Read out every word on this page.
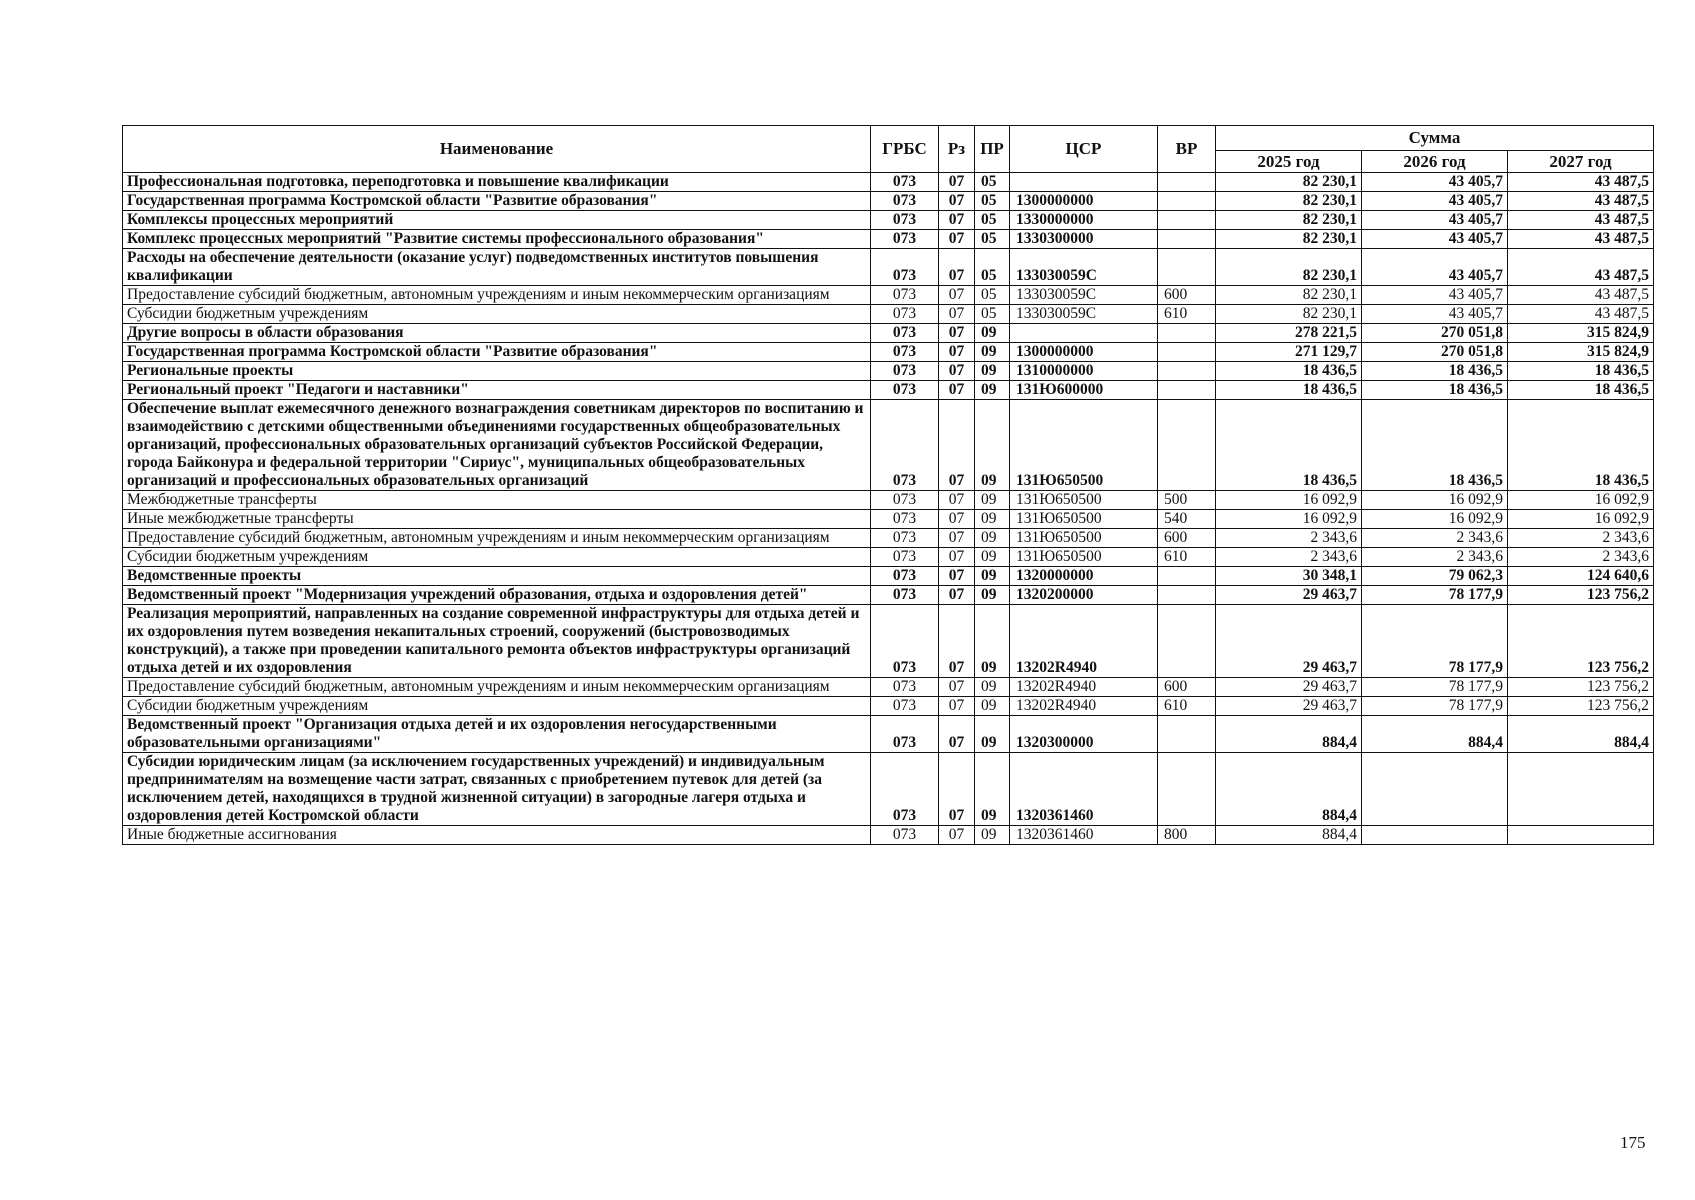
Наименование	ГРБС	Рз	ПР	ЦСР	ВР	Сумма		
						2025 год	2026 год	2027 год
Профессиональная подготовка, переподготовка и повышение квалификации	073	07	05			82 230,1	43 405,7	43 487,5
Государственная программа Костромской области "Развитие образования"	073	07	05	1300000000		82 230,1	43 405,7	43 487,5
Комплексы процессных мероприятий	073	07	05	1330000000		82 230,1	43 405,7	43 487,5
Комплекс процессных мероприятий "Развитие системы профессионального образования"	073	07	05	1330300000		82 230,1	43 405,7	43 487,5
Расходы на обеспечение деятельности (оказание услуг) подведомственных институтов повышения квалификации	073	07	05	133030059С		82 230,1	43 405,7	43 487,5
Предоставление субсидий бюджетным, автономным учреждениям и иным некоммерческим организациям	073	07	05	133030059С	600	82 230,1	43 405,7	43 487,5
Субсидии бюджетным учреждениям	073	07	05	133030059С	610	82 230,1	43 405,7	43 487,5
Другие вопросы в области образования	073	07	09			278 221,5	270 051,8	315 824,9
Государственная программа Костромской области "Развитие образования"	073	07	09	1300000000		271 129,7	270 051,8	315 824,9
Региональные проекты	073	07	09	1310000000		18 436,5	18 436,5	18 436,5
Региональный проект "Педагоги и наставники"	073	07	09	131Ю600000		18 436,5	18 436,5	18 436,5
Обеспечение выплат ежемесячного денежного вознаграждения советникам директоров по воспитанию и взаимодействию с детскими общественными объединениями государственных общеобразовательных организаций, профессиональных образовательных организаций субъектов Российской Федерации, города Байконура и федеральной территории "Сириус", муниципальных общеобразовательных организаций и профессиональных образовательных организаций	073	07	09	131Ю650500		18 436,5	18 436,5	18 436,5
Межбюджетные трансферты	073	07	09	131Ю650500	500	16 092,9	16 092,9	16 092,9
Иные межбюджетные трансферты	073	07	09	131Ю650500	540	16 092,9	16 092,9	16 092,9
Предоставление субсидий бюджетным, автономным учреждениям и иным некоммерческим организациям	073	07	09	131Ю650500	600	2 343,6	2 343,6	2 343,6
Субсидии бюджетным учреждениям	073	07	09	131Ю650500	610	2 343,6	2 343,6	2 343,6
Ведомственные проекты	073	07	09	1320000000		30 348,1	79 062,3	124 640,6
Ведомственный проект "Модернизация учреждений образования, отдыха и оздоровления детей"	073	07	09	1320200000		29 463,7	78 177,9	123 756,2
Реализация мероприятий, направленных на создание современной инфраструктуры для отдыха детей и их оздоровления путем возведения некапитальных строений, сооружений (быстровозводимых конструкций), а также при проведении капитального ремонта объектов инфраструктуры организаций отдыха детей и их оздоровления	073	07	09	13202R4940		29 463,7	78 177,9	123 756,2
Предоставление субсидий бюджетным, автономным учреждениям и иным некоммерческим организациям	073	07	09	13202R4940	600	29 463,7	78 177,9	123 756,2
Субсидии бюджетным учреждениям	073	07	09	13202R4940	610	29 463,7	78 177,9	123 756,2
Ведомственный проект "Организация отдыха детей и их оздоровления негосударственными образовательными организациями"	073	07	09	1320300000		884,4	884,4	884,4
Субсидии юридическим лицам (за исключением государственных учреждений) и индивидуальным предпринимателям на возмещение части затрат, связанных с приобретением путевок для детей (за исключением детей, находящихся в трудной жизненной ситуации) в загородные лагеря отдыха и оздоровления детей Костромской области	073	07	09	1320361460		884,4		
Иные бюджетные ассигнования	073	07	09	1320361460	800	884,4		
175
